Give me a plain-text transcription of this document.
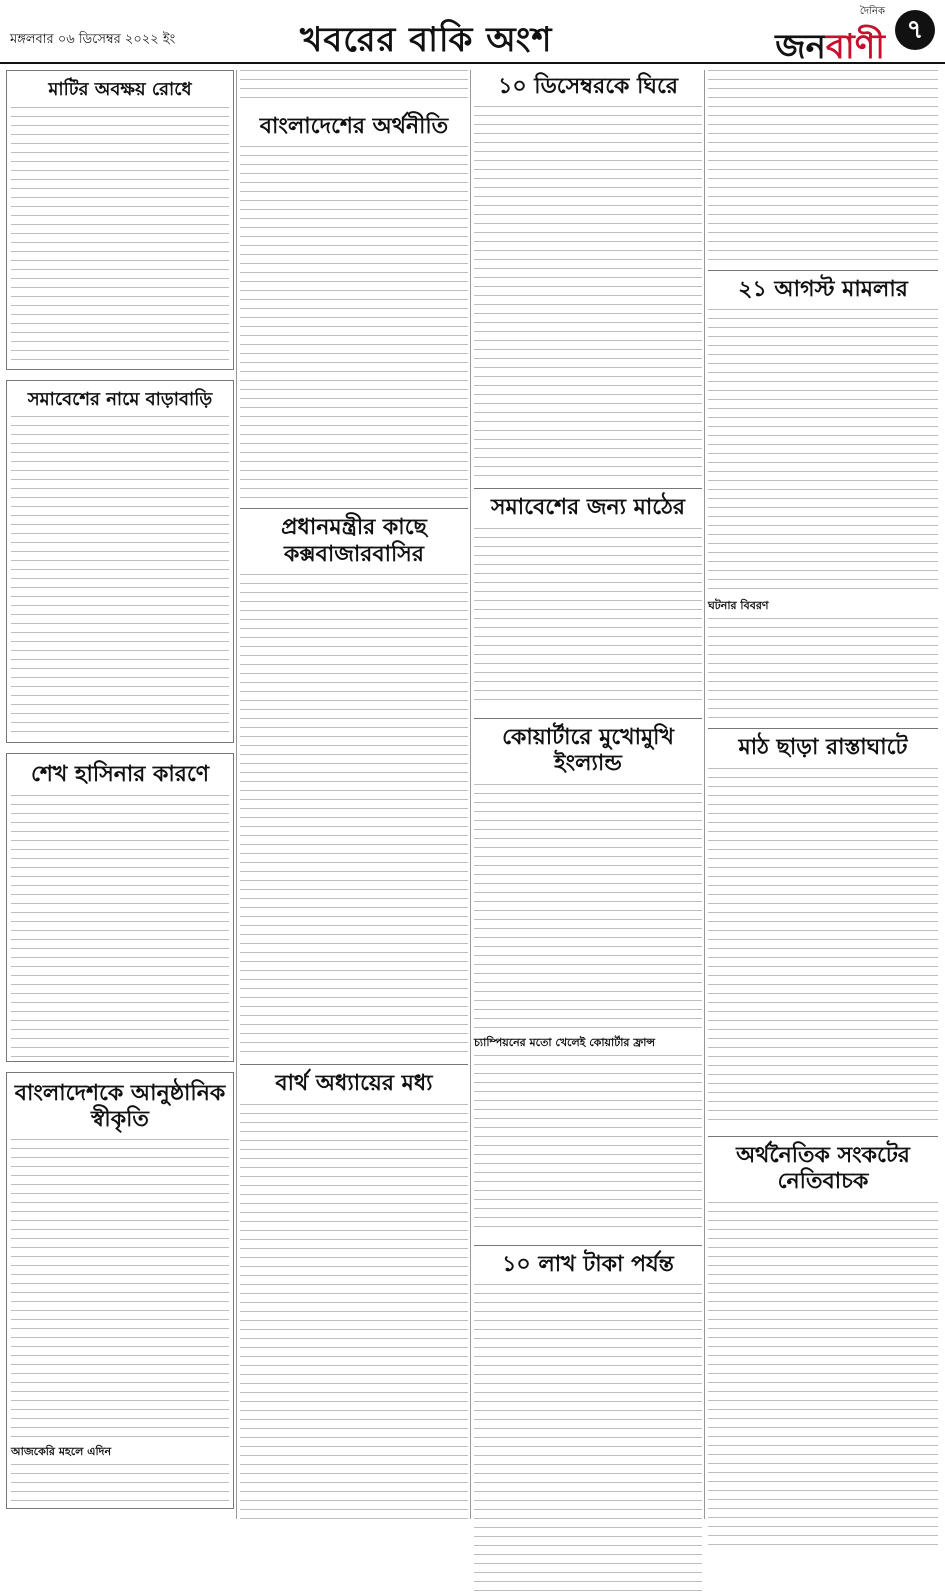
মঙ্গলবার ০৬ ডিসেম্বর ২০২২ ইং	খবরের বাকি অংশ
দৈনিক
জনবাণী ৭
মাটির অবক্ষয় রোধে
সমাবেশের নামে বাড়াবাড়ি
শেখ হাসিনার কারণে
বাংলাদেশকে আনুষ্ঠানিক স্বীকৃতি
আজকেরি মহলে এদিন
বাংলাদেশের অর্থনীতি
প্রধানমন্ত্রীর কাছে কক্সবাজারবাসির
বার্থ অধ্যায়ের মধ্য
১০ ডিসেম্বরকে ঘিরে
সমাবেশের জন্য মাঠের
কোয়ার্টারে মুখোমুখি ইংল্যান্ড
চ্যাম্পিয়নের মতো খেলেই কোয়ার্টার ফ্রান্স
১০ লাখ টাকা পর্যন্ত
২১ আগস্ট মামলার
ঘটনার বিবরণ
মাঠ ছাড়া রাস্তাঘাটে
অর্থনৈতিক সংকটের নেতিবাচক
